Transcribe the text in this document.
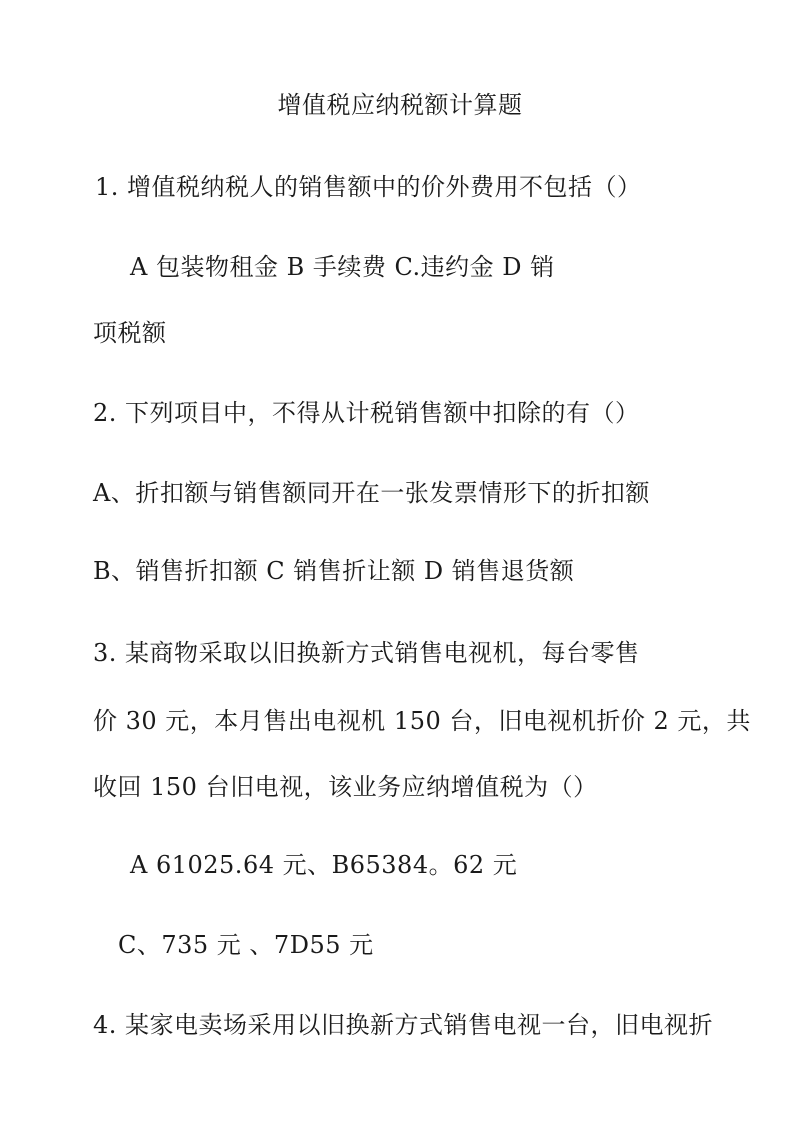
增值税应纳税额计算题
1. 增值税纳税人的销售额中的价外费用不包括（）
A 包装物租金 B 手续费 C.违约金 D 销
项税额
2. 下列项目中，不得从计税销售额中扣除的有（）
A、折扣额与销售额同开在一张发票情形下的折扣额
B、销售折扣额 C 销售折让额 D 销售退货额
3. 某商物采取以旧换新方式销售电视机，每台零售
价 30 元，本月售出电视机 150 台，旧电视机折价 2 元，共
收回 150 台旧电视，该业务应纳增值税为（）
A 61025.64 元、B65384。62 元
C、735 元 、7D55 元
4. 某家电卖场采用以旧换新方式销售电视一台，旧电视折
